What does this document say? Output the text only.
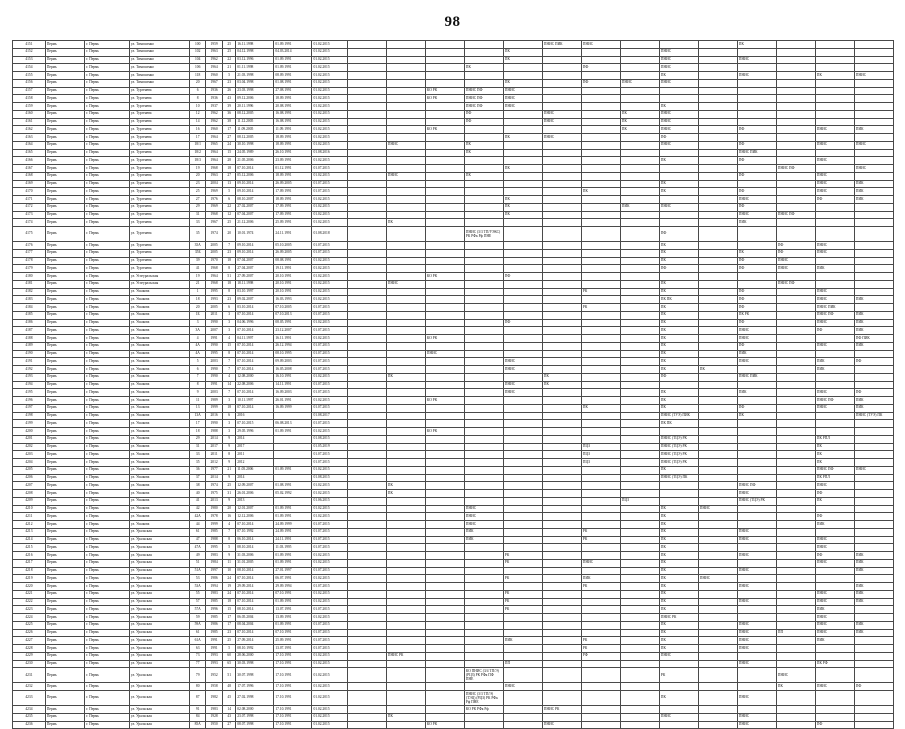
98
4151	Пермь	г. Пермь	ул. Тимошенко	100	1959	25	16.11.1998	01.09.1991	01.02.2015						ПНИС ПИК	ПНИС				ПК			
4152	Пермь	г. Пермь	ул. Тимошенко	102	1963	25	04.12.1998	04.03.2014	01.02.2015					ПК				ПНИС					
4153	Пермь	г. Пермь	ул. Тимошенко	104	1962	22	03.12.1996	01.09.1991	01.02.2015					ПК				ПНИС		ПНИС			
4154	Пермь	г. Пермь	ул. Тимошенко	106	1964	21	01.11.1998	01.09.1991	01.02.2015				ПК			ПФ		ПНИС					
4155	Пермь	г. Пермь	ул. Тимошенко	118	1960	5	21.03.1998	08.09.1991	01.02.2015									ПК		ПНИС		ПК	ПНИС
4156	Пермь	г. Пермь	ул. Тимошенко	20	1967	23	03.04.1998	01.08.1991	01.02.2015					ПК		ПФ	ПНИС	ПНИС					
4157	Пермь	г. Пермь	ул. Тургенева	6	1936	26	23.03.1998	27.08.1991	01.02.2015			КО РК	ПНИС ПФ	ПНИС									
4158	Пермь	г. Пермь	ул. Тургенева	8	1936	43	09.12.2006	18.09.1991	01.02.2015			КО РК	ПНИС ПФ	ПНИС									
4159	Пермь	г. Пермь	ул. Тургенева	10	1937	39	20.11.1996	20.08.1991	01.02.2015				ПНИС ПФ	ПНИС				ПК					
4160	Пермь	г. Пермь	ул. Тургенева	12	1962	36	08.12.2005	16.08.1991	01.02.2015				ПФ		ПНИС		ПК	ПНИС					
4161	Пермь	г. Пермь	ул. Тургенева	14	1962	38	11.12.2005	16.08.1991	01.02.2015				ПФ		ПНИС		ПК	ПНИС					
4162	Пермь	г. Пермь	ул. Тургенева	16	1960	17	11.09.2005	11.09.1991	01.02.2015			КО РК					ПК	ПНИС		ПФ		ПНИС	ПИК
4163	Пермь	г. Пермь	ул. Тургенева	17	1964	27	08.12.2005	18.09.1991	01.02.2015					ПК	ПНИС			ПФ					
4164	Пермь	г. Пермь	ул. Тургенева	18/1	1965	24	30.10.1998	18.09.1991	01.02.2015		ПНИС		ПК					ПНИС		ПФ		ПНИС	ПНИС
4165	Пермь	г. Пермь	ул. Тургенева	18/2	1964	15	24.05.1989	26.10.1991	01.08.2016				ПК							ПНИС ПИК			
4166	Пермь	г. Пермь	ул. Тургенева	18/3	1964	28	21.05.2006	23.09.1991	01.02.2015									ПК		ПФ		ПНИС	
4167	Пермь	г. Пермь	ул. Тургенева	19	1968	18	07.10.2014	01.12.1991	01.07.2015					ПК							ПНИС ПФ		ПНИС
4168	Пермь	г. Пермь	ул. Тургенева	20	1963	27	05.12.2006	18.09.1991	01.02.2015		ПНИС		ПК							ПФ		ПНИС	
4169	Пермь	г. Пермь	ул. Тургенева	23	2004	13	09.10.2014	26.09.2005	01.07.2015									ПК				ПНИС	ПИК
4170	Пермь	г. Пермь	ул. Тургенева	25	1969	5	09.10.2014	17.09.1991	01.07.2015							ПК		ПК		ПФ		ПНИС	ПИК
4171	Пермь	г. Пермь	ул. Тургенева	27	1976	6	08.10.2007	18.09.1991	01.02.2015					ПК						ПНИС		ПФ	ПИК
4172	Пермь	г. Пермь	ул. Тургенева	29	1969	22	27.02.2007	17.09.1991	01.02.2015					ПК			ПИК	ПНИС		ПФ			
4173	Пермь	г. Пермь	ул. Тургенева	31	1968	12	07.04.2007	17.09.1991	01.02.2015					ПК						ПНИС	ПНИС ПФ		
4174	Пермь	г. Пермь	ул. Тургенева	33	1967	25	21.12.2006	25.09.1991	01.02.2015		ПК									ПИК			
4175	Пермь	г. Пермь	ул. Тургенева	35	1974	20	10.01.1974	24.11.1991	01.08.2018				ПНИС (3/3 ТП/УЭКС) РК РФк Рф ПНЕ					ПФ					
4176	Пермь	г. Пермь	ул. Тургенева	35А	2005	7	09.10.2014	05.10.2005	01.07.2015									ПК			ПФ	ПНИС	
4177	Пермь	г. Пермь	ул. Тургенева	35Б	2005	23	09.10.2014	26.09.2005	01.07.2015									ПК		ПК	ПФ	ПНИС	
4178	Пермь	г. Пермь	ул. Тургенева	39	1970	18	07.04.2007	08.08.1991	01.02.2015									ПК		ПФ	ПНИС		
4179	Пермь	г. Пермь	ул. Тургенева	41	1968	8	27.04.2007	19.11.1991	01.02.2015									ПФ		ПФ	ПНИС	ПИК	
4180	Пермь	г. Пермь	ул. Углеуральская	19	1964	51	27.09.2007	20.10.1991	01.02.2015			КО РК		ПФ									
4181	Пермь	г. Пермь	ул. Углеуральская	21	1968	18	18.11.1998	20.10.1991	01.02.2015		ПНИС							ПК			ПНИС ПФ		
4182	Пермь	г. Пермь	ул. Ушакова	1	1995	8	03.10.1997	20.10.1991	01.02.2015							РК		ПК		ПФ		ПНИС	
4183	Пермь	г. Пермь	ул. Ушакова	18	1993	23	09.02.2007	16.03.1993	01.02.2015									ПК ПК		ПФ		ПНИС	ПИК
4184	Пермь	г. Пермь	ул. Ушакова	20	2005	6	03.10.2014	07.10.2005	01.07.2015							РК		ПК		ПФ		ПНИС ПИК	
4185	Пермь	г. Пермь	ул. Ушакова	1Б	2011	3	07.10.2014	07.10.2013	01.07.2015									ПК		ПК РК		ПНИС ПФ	ПИК
4186	Пермь	г. Пермь	ул. Ушакова	3	1990	3	04.06.1996	08.05.1991	01.02.2015					ПФ				ПК		ПФ		ПНИС	ПИК
4187	Пермь	г. Пермь	ул. Ушакова	3А	2007	3	07.10.2014	23.12.2007	01.07.2015									ПК		ПНИС		ПФ	ПИК
4188	Пермь	г. Пермь	ул. Ушакова	4	1991	4	04.11.1997	16.11.1991	01.02.2015			КО РК						ПК		ПНИС			ПФ ПИК
4189	Пермь	г. Пермь	ул. Ушакова	4А	1990	15	07.10.2014	26.12.1994	01.07.2015									ПК		ПФ		ПНИС	ПИК
4190	Пермь	г. Пермь	ул. Ушакова	4А	1995	8	07.10.2014	08.10.1995	01.07.2015			ПНИС						ПК		ПИК			
4191	Пермь	г. Пермь	ул. Ушакова	5	2003	7	07.10.2014	09.09.2003	01.07.2015					ПНИС				ПК		ПНИС		ПИК	ПФ
4192	Пермь	г. Пермь	ул. Ушакова	6	1990	7	07.10.2014	16.05.2008	01.07.2015					ПНИС				ПК	ПК			ПИК	
4193	Пермь	г. Пермь	ул. Ушакова	7	1990	4	12.08.2000	16.10.1991	01.02.2015		ПК				ПК			ПФ		ПНИС ПИК			
4194	Пермь	г. Пермь	ул. Ушакова	8	1991	14	22.08.2006	14.11.1991	01.07.2015					ПНИС	ПК								
4195	Пермь	г. Пермь	ул. Ушакова	9	2003	7	07.10.2014	16.09.2003	01.07.2015					ПНИС				ПК		ПИК		ПНИС	ПФ
4196	Пермь	г. Пермь	ул. Ушакова	11	1989	3	10.11.1997	26.01.1991	01.02.2015			КО РК						ПК				ПНИС ПФ	ПИК
4197	Пермь	г. Пермь	ул. Ушакова	13	1999	18	07.10.2014	16.09.1999	01.07.2015							ПК		ПК		ПФ		ПНИС	ПИК
4198	Пермь	г. Пермь	ул. Ушакова	13А	2016	6	2016		01.08.2017									ПНИС (ТУЭ) ПИК		ПК			ПНИС (ТУЭ) ПК
4199	Пермь	г. Пермь	ул. Ушакова	17	1990	3	07.10.2015	06.08.2013	01.07.2015									ПК ПК					
4200	Пермь	г. Пермь	ул. Ушакова	18	1988	3	29.05.1996	01.09.1991	01.02.2015			КО РК											
4201	Пермь	г. Пермь	ул. Ушакова	29	2014	9	2014		01.08.2015									ПНИС (ТЦЭ) РК				ПК РПЛ	
4202	Пермь	г. Пермь	ул. Ушакова	31	2017	9	2017		01.05.2019							ПЦЗ		ПНИС (ТЦЭ) РК				ПК	
4203	Пермь	г. Пермь	ул. Ушакова	33	2011	8	2011		01.07.2015							ПЦЗ		ПНИС (ТЦЭ) РК				ПК	
4204	Пермь	г. Пермь	ул. Ушакова	35	2012	9	2012		01.07.2015							ПЦЗ		ПНИС (ТЦЭ) РК				ПК	
4205	Пермь	г. Пермь	ул. Ушакова	36	1977	21	11.05.2006	01.09.1991	01.02.2015									ПК				ПНИС ПФ	ПНИС
4206	Пермь	г. Пермь	ул. Ушакова	37	2014	9	2014		01.08.2015									ПНИС (ТЦЭ) ПК				ПК РПЛ	
4207	Пермь	г. Пермь	ул. Ушакова	38	1974	25	12.09.2007	01.08.1991	01.02.2015		ПК									ПНИС ПФ		ПНИС	
4208	Пермь	г. Пермь	ул. Ушакова	40	1975	31	26.01.2006	05.02.1992	01.02.2015		ПК									ПНИС		ПФ	
4209	Пермь	г. Пермь	ул. Ушакова	41	2013	9	2013		01.06.2015								ПЦЗ			ПНИС (ТЦЭ) РК		ПК	
4210	Пермь	г. Пермь	ул. Ушакова	42	1980	20	12.01.2007	01.09.1991	01.02.2015				ПНИС					ПК	ПНИС				
4211	Пермь	г. Пермь	ул. Ушакова	42А	1978	16	12.12.2006	01.09.1991	01.02.2015				ПНИС					ПК				ПФ	
4212	Пермь	г. Пермь	ул. Ушакова	44	1999	4	07.10.2014	24.09.1999	01.07.2015				ПНИС					ПК				ПИК	
4213	Пермь	г. Пермь	ул. Уральская	61	1985	7	07.10.1992	24.09.1991	01.07.2015				ПИК			РК		ПК		ПНИС			
4214	Пермь	г. Пермь	ул. Уральская	47	1988	8	06.10.2014	24.11.1991	01.07.2015				ПИК			РК		ПК		ПНИС		ПНИС	
4215	Пермь	г. Пермь	ул. Уральская	47А	1995	5	08.10.2014	11.03.1995	01.07.2015									ПК				ПНИС	
4216	Пермь	г. Пермь	ул. Уральская	49	1983	9	31.03.2006	01.09.1991	01.02.2015					РК				ПК		ПНИС		ПФ	ПИК
4217	Пермь	г. Пермь	ул. Уральская	51	1984	11	31.01.2005	01.09.1991	01.02.2015					РК		ПНИС		ПК				ПНИС	ПИК
4218	Пермь	г. Пермь	ул. Уральская	51А	1997	10	08.10.2014	27.01.1997	01.07.2015									ПК		ПНИС			ПИК
4219	Пермь	г. Пермь	ул. Уральская	53	1986	24	07.10.2014	06.07.1991	01.02.2015					РК		ПИК		ПК	ПНИС				
4220	Пермь	г. Пермь	ул. Уральская	53А	1994	19	29.09.2014	29.09.1994	01.07.2015							РК		ПК		ПНИС			ПИК
4221	Пермь	г. Пермь	ул. Уральская	55	1983	24	07.10.2014	07.10.1991	01.02.2015					РК				ПК				ПНИС	ПИК
4222	Пермь	г. Пермь	ул. Уральская	57	1985	18	07.10.2014	01.09.1991	01.02.2015					РК				ПК		ПНИС		ПНИС	ПИК
4223	Пермь	г. Пермь	ул. Уральская	57А	1996	15	08.10.2014	13.07.1991	01.07.2015					РК				ПК				ПИК	
4224	Пермь	г. Пермь	ул. Уральская	59	1985	17	06.05.2004	13.09.1991	01.02.2015									ПНИС РК				ПНИС	
4225	Пермь	г. Пермь	ул. Уральская	59А	1986	17	08.04.2004	01.09.1991	01.07.2015									ПК		ПНИС		ПНИС	ПИК
4226	Пермь	г. Пермь	ул. Уральская	61	1985	23	07.10.2014	07.10.1991	01.07.2015									ПК		ПНИС	ПП	ПНИС	ПИК
4227	Пермь	г. Пермь	ул. Уральская	61А	1991	25	27.09.2014	25.09.1991	01.07.2015					ПИК		РК		ПК		ПНИС		ПИК	
4228	Пермь	г. Пермь	ул. Уральская	63	1991	5	08.10.1992	13.07.1991	01.07.2015							РК		ПК		ПНИС			
4229	Пермь	г. Пермь	ул. Уральская	73	1993	60	28.06.2000	17.10.1991	01.02.2015		ПНИС РК					РФ		ПНИС					
4230	Пермь	г. Пермь	ул. Уральская	77	1993	65	30.03.1998	17.10.1991	01.02.2015					ПП						ПНИС		ПК РФ	
4231	Пермь	г. Пермь	ул. Уральская	79	1952	51	30.07.1998	17.10.1991	01.02.2015				КО ПНИС (3/4 ТП/Э) (РЦЗ) РК РФк ПФ ПНЕ					РК			ПНИС		
4232	Пермь	г. Пермь	ул. Уральская	80	1958	48	17.07.1996	17.10.1991	01.02.2015					ПНИС							ПК	ПНИС	ПФ
4233	Пермь	г. Пермь	ул. Уральская	87	1982	45	27.02.1998	17.10.1991	01.02.2015				ПНИС (3/3 ТП/Э) (ТЭЦ) (РЦЗ) РК РФк Рф ПНЕ					ПК		ПНИС			
4234	Пермь	г. Пермь	ул. Уральская	91	1983	14	02.08.2000	17.10.1991	01.02.2015				КО РК РФк Рф		ПНИС РК								
4235	Пермь	г. Пермь	ул. Уральская	84	1928	43	23.07.1998	17.10.1991	01.02.2015		ПК							ПНИС		ПНИС			
4236	Пермь	г. Пермь	ул. Уральская	85А	1950	27	08.07.1998	17.10.1991	01.02.2015			КО РК			ПНИС					ПНИС		ПФ	
